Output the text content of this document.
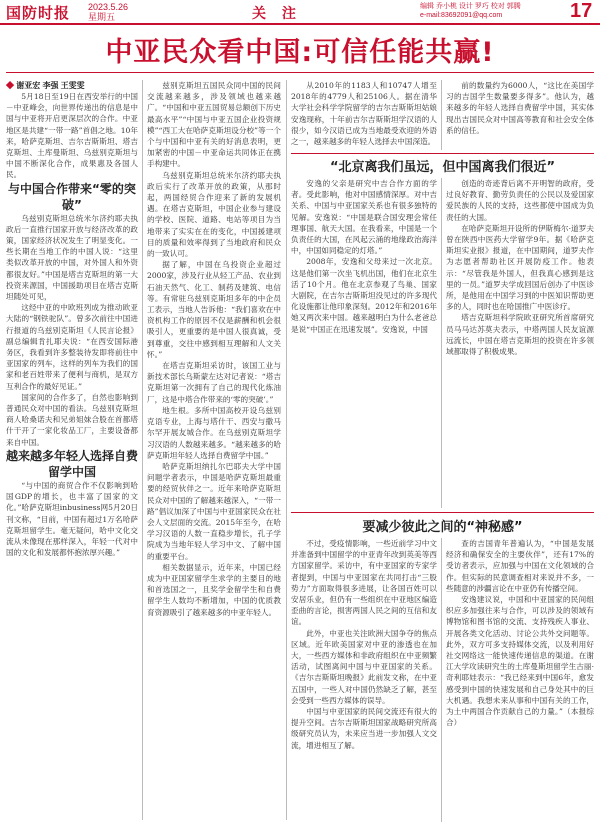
国防时报 2023.5.26
星期五	关 注	编辑 乔小桃 设计 罗巧 校对 郭腾
e-mail:83692091@qq.com	17
中亚民众看中国:可信任能共赢!

◆ 谢亚宏 李强 王雯雯

5月18日至19日在西安举行的中国－中亚峰会，向世界传递出的信息是中国与中亚将开启更深层次的合作。中亚地区是共建“一带一路”首倡之地。10年来，哈萨克斯坦、吉尔吉斯斯坦、塔吉克斯坦、土库曼斯坦、乌兹别克斯坦与中国不断深化合作，成果惠及各国人民。

与中国合作带来“零的突破”

乌兹别克斯坦总统米尔济约耶夫执政后一直推行国家开放与经济改革的政策，国家经济状况发生了明显变化。一些长期在当地工作的中国人说：“这里类似改革开放的中国，对外国人和外资都很友好。”中国是塔吉克斯坦的第一大投资来源国，中国援助项目在塔吉克斯坦随处可见，

这经中亚的中欧班列成为推动欧亚大陆的“钢铁驼队”。曾多次前往中国进行报道的乌兹别克斯坦《人民言论报》副总编辑肯扎耶夫说：“在西安国际港务区，我看到许多整装待发即将前往中亚国家的列车，这样的列车为我们的国家和老百姓带来了便利与商机，是双方互利合作的最好见证。”

国家间的合作多了，自然也影响到普通民众对中国的看法。乌兹别克斯坦商人哈桑诺夫和兄弟姐妹合股在首都塔什干开了一家化妆品工厂，主要设备都来自中国。

越来越多年轻人选择自费留学中国

“与中国的商贸合作不仅影响到哈国GDP的增长，也丰富了国家的文化。”哈萨克斯坦inbusiness网5月20日刊文称，“目前，中国有超过1万名哈萨克斯坦留学生。毫无疑问，哈中文化交流从未像现在那样深入，年轻一代对中国的文化和发展都怀抱浓厚兴趣。”

兹别克斯坦五国民众同中国的民间交流越来越多，涉及领域也越来越广。“中国和中亚五国贸易总额创下历史最高水平”“中国与中亚五国企业投资规模”“西工大在哈萨克斯坦设分校”等一个个与中国和中亚有关的好消息表明，更加紧密的中国－中亚命运共同体正在携手构建中。

乌兹别克斯坦总统米尔济约耶夫执政后实行了改革开放的政策，从那时起，两国经贸合作迎来了新的发展机遇。在塔吉克斯坦，中国企业参与建设的学校、医院、道路、电站等项目为当地带来了实实在在的变化，中国援建项目的质量和效率得到了当地政府和民众的一致认可。

据了解，中国在乌投资企业超过2000家，涉及行业从轻工产品、农业到石油天然气、化工、制药及建筑、电信等。有常驻乌兹别克斯坦多年的中企员工表示，当地人告诉他：“我们喜欢在中资机构工作的原因不仅是薪酬和机会很吸引人，更重要的是中国人很真诚，受到尊重，交往中感到相互理解和人文关怀。”

在塔吉克斯坦采访时，该国工业与新技术部长乌斯蒙左达对记者说：“塔吉克斯坦第一次拥有了自己的现代化炼油厂，这是中塔合作带来的‘零的突破’。”

地生根。多所中国高校开设乌兹别克语专业，上海与塔什干、西安与撒马尔罕开展友城合作。在乌兹别克斯坦学习汉语的人数越来越多。“越来越多的哈萨克斯坦年轻人选择自费留学中国。”

哈萨克斯坦纳扎尔巴耶夫大学中国问题学者表示，中国是哈萨克斯坦最重要的经贸伙伴之一。近年来哈萨克斯坦民众对中国的了解越来越深入，“一带一路”倡议加深了中国与中亚国家民众在社会人文层面的交流。2015年至今，在哈学习汉语的人数一直稳步增长，孔子学院成为当地年轻人学习中文、了解中国的重要平台。

相关数据显示，近年来，中国已经成为中亚国家留学生求学的主要目的地和首选国之一，且奖学金留学生和自费留学生人数均不断增加，中国的优质教育资源吸引了越来越多的中亚年轻人。

从2010年的1183人和10747人增至2018年的4779人和25106人。据在清华大学社会科学学院留学的吉尔吉斯斯坦姑娘安逸现称，十年前吉尔吉斯斯坦学汉语的人很少，如今汉语已成为当地最受欢迎的外语之一，越来越多的年轻人选择去中国深造。

前的数量约为6000人，“这比在美国学习的吉国学生数量要多得多”。他认为，越来越多的年轻人选择自费留学中国，其实体现出吉国民众对中国高等教育和社会安全体系的信任。

“北京离我们虽远，但中国离我们很近”

安逸的父亲是研究中吉合作方面的学者。受此影响，他对中国感情深厚。对中吉关系、中国与中亚国家关系也有很多独特的见解。安逸说：“中国是联合国安理会常任理事国、航天大国。在我看来，中国是一个负责任的大国，在风起云涌的地缘政治海洋中，中国如同稳定的灯塔。”

2008年，安逸和父母来过一次北京。这是他们第一次坐飞机出国，他们在北京生活了10个月。他在北京参观了鸟巢、国家大剧院，在吉尔吉斯斯坦没见过的许多现代化设施都让他印象深刻。2012年和2016年她又两次来中国。越来越明白为什么老爸总是说“中国正在迅速发展”。安逸说，中国

创造的奇迹背后离不开明智的政府，受过良好教育、勤劳负责任的公民以及爱国家爱民族的人民的支持，这些都使中国成为负责任的大国。

在哈萨克斯坦开设所的伊斯梅尔·道罗夫曾在陕西中医药大学留学9年。据《哈萨克斯坦实业报》报道，在中国期间，道罗夫作为志愿者帮助社区开展防疫工作。他表示：“尽管我是外国人，但我真心感到是这里的一员。”道罗夫学成回国后创办了中医诊所，是他用在中国学习到的中医知识帮助更多的人，同时也在哈国推广中医诊疗。

塔吉克斯坦科学院欧亚研究所首席研究员马马达苏莫夫表示，中塔两国人民友谊源远流长，中国在塔吉克斯坦的投资在许多领域都取得了积极成果。

要减少彼此之间的“神秘感”

不过，受疫情影响，一些近前学习中文并准备到中国留学的中亚青年改到英美等西方国家留学。采访中，有中亚国家的专家学者提到，中国与中亚国家在共同打击“三股势力”方面取得很多进展，让各国百姓可以安居乐业，但仍有一些组织在中亚地区编造歪曲的言论，损害两国人民之间的互信和友谊。

此外，中亚也关注欧洲大国争夺的焦点区域。近年欧美国家对中亚的渗透也在加大，一些西方媒体和非政府组织在中亚频繁活动，试图离间中国与中亚国家的关系。《吉尔吉斯斯坦晚报》此前发文称，在中亚五国中，一些人对中国仍然缺乏了解，甚至会受到一些西方媒体的误导。

中国与中亚国家的民间交流还有很大的提升空间。吉尔吉斯斯坦国家战略研究所高级研究员认为，未来应当进一步加强人文交流，增进相互了解。

查的吉国青年普遍认为，“中国是发展经济和确保安全的主要伙伴”，还有17%的受访者表示，应加强与中国在文化领域的合作。但实际的民意调查相对来说并不多，一些随意的涉疆言论在中亚仍有传播空间。

安逸建议说，中国和中亚国家的民间组织应多加强往来与合作，可以涉及的领域有博物馆和图书馆的交流、支持残疾人事业、开展各类文化活动、讨论公共外交问题等。此外，双方可多支持媒体交流，以及利用好社交网络这一能快速传递信息的渠道。在谢江大学攻读研究生的土库曼斯坦留学生古丽·奇利耶娃表示：“我已经来到中国6年，愈发感受到中国的快速发展和自己身处其中的巨大机遇。我想未来从事和中国有关的工作，为土中两国合作贡献自己的力量。”（本报综合）
